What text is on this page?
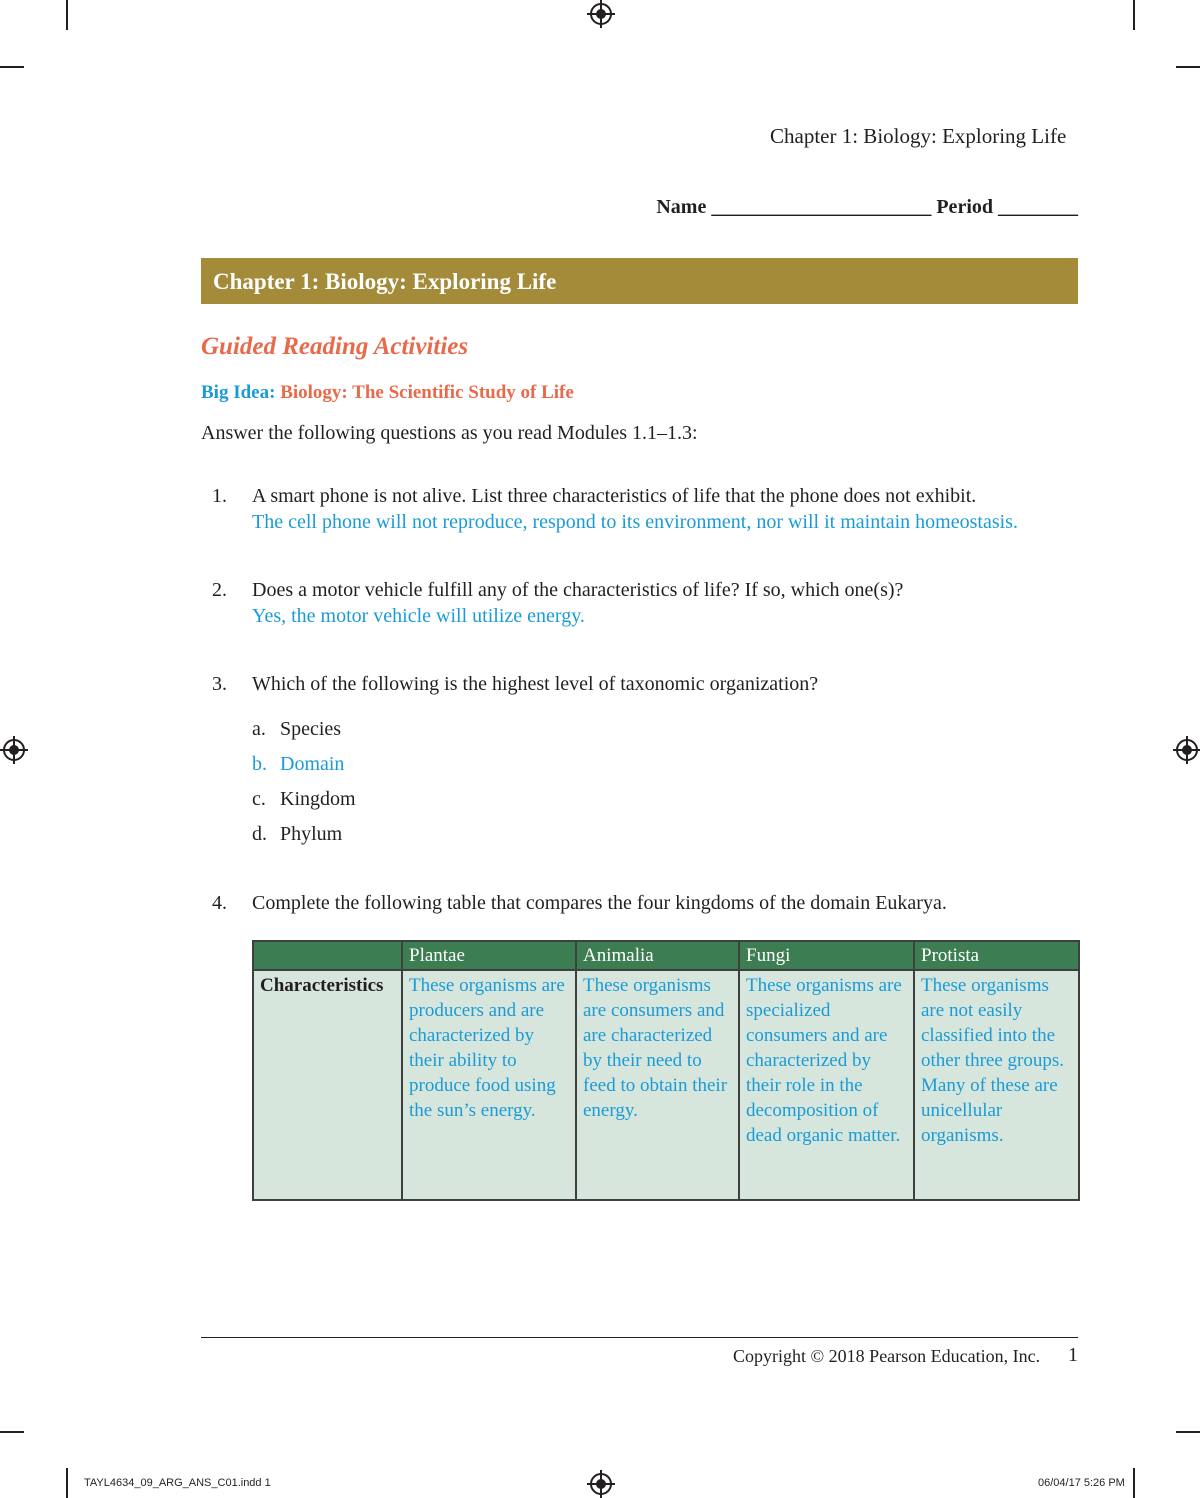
Chapter 1: Biology: Exploring Life
Name ______________________ Period ________
Chapter 1: Biology: Exploring Life
Guided Reading Activities
Big Idea: Biology: The Scientific Study of Life
Answer the following questions as you read Modules 1.1–1.3:
1.	A smart phone is not alive. List three characteristics of life that the phone does not exhibit.
The cell phone will not reproduce, respond to its environment, nor will it maintain homeostasis.
2.	Does a motor vehicle fulfill any of the characteristics of life? If so, which one(s)?
Yes, the motor vehicle will utilize energy.
3.	Which of the following is the highest level of taxonomic organization?
a. Species
b. Domain
c. Kingdom
d. Phylum
4.	Complete the following table that compares the four kingdoms of the domain Eukarya.
	Plantae	Animalia	Fungi	Protista
Characteristics	These organisms are producers and are characterized by their ability to produce food using the sun’s energy.	These organisms are consumers and are characterized by their need to feed to obtain their energy.	These organisms are specialized consumers and are characterized by their role in the decomposition of dead organic matter.	These organisms are not easily classified into the other three groups. Many of these are unicellular organisms.
Copyright © 2018 Pearson Education, Inc. 1
TAYL4634_09_ARG_ANS_C01.indd 1	06/04/17 5:26 PM
